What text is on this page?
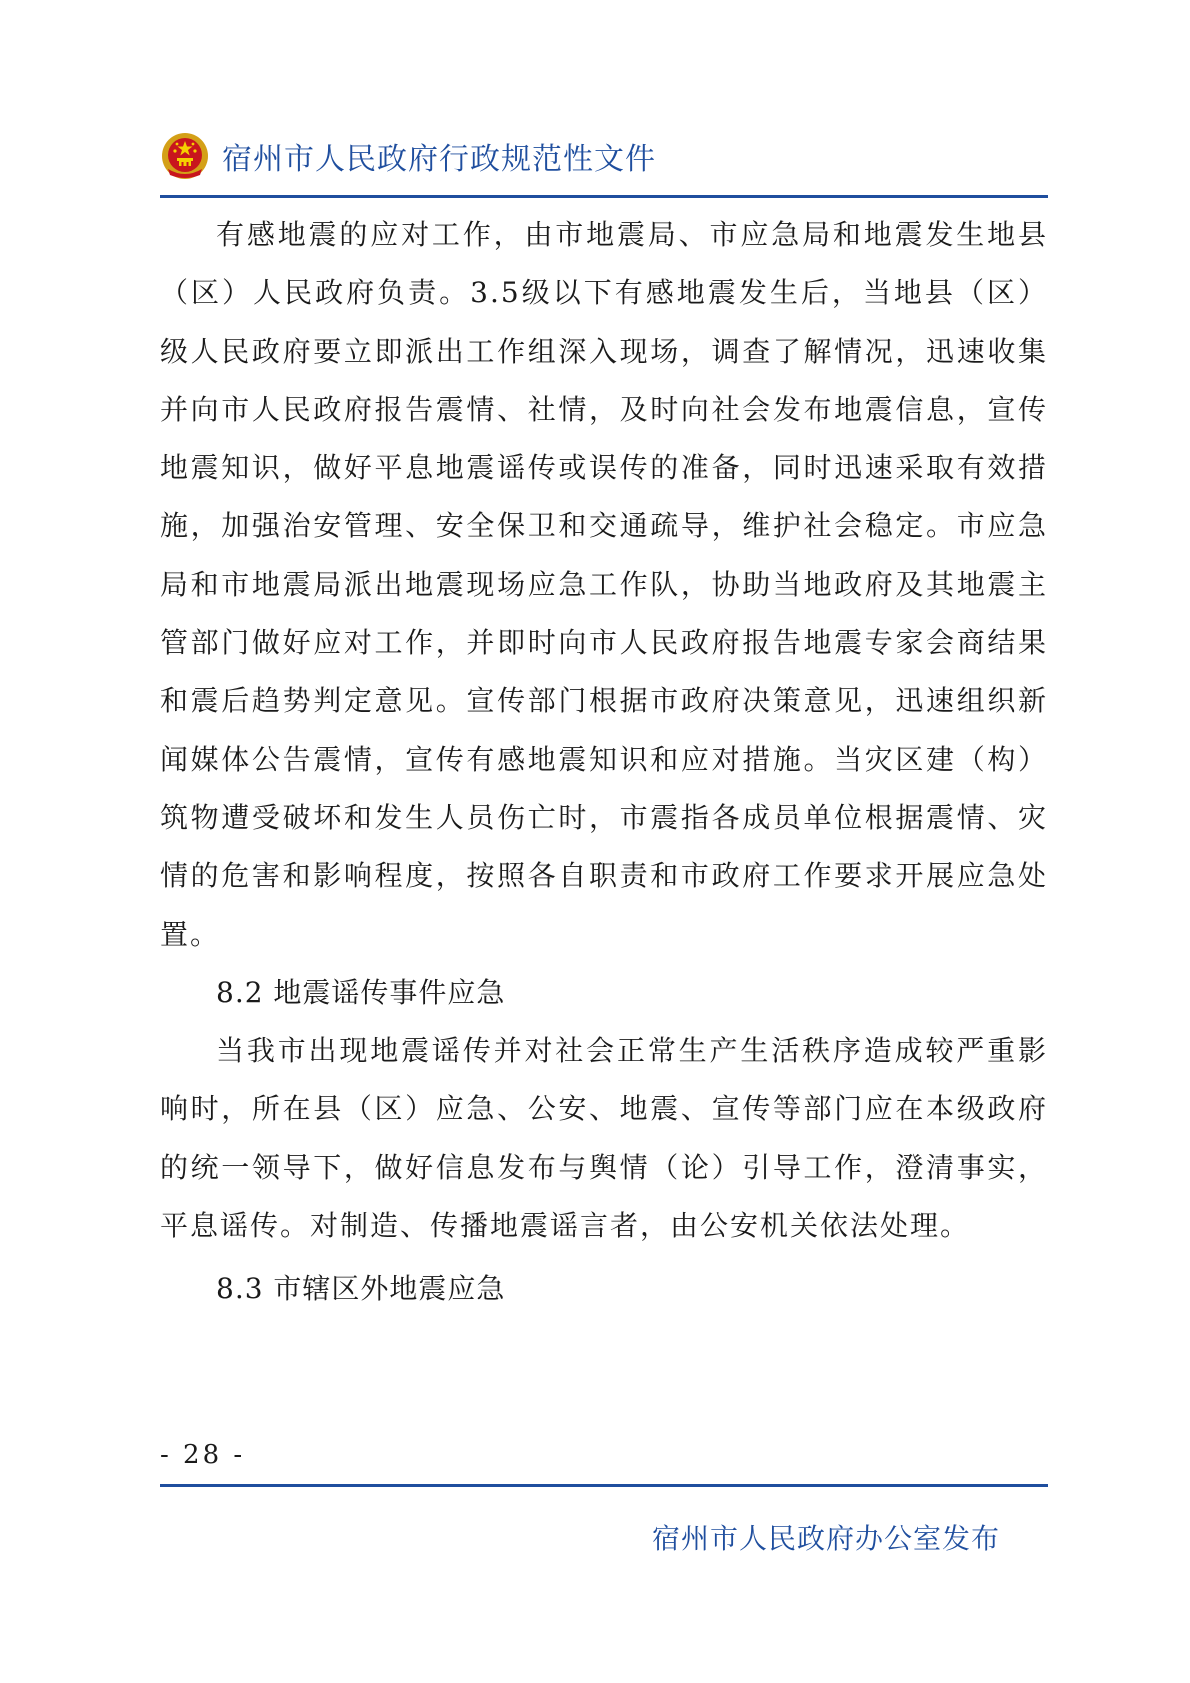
宿州市人民政府行政规范性文件

有感地震的应对工作，由市地震局、市应急局和地震发生地县（区）人民政府负责。3.5级以下有感地震发生后，当地县（区）级人民政府要立即派出工作组深入现场，调查了解情况，迅速收集并向市人民政府报告震情、社情，及时向社会发布地震信息，宣传地震知识，做好平息地震谣传或误传的准备，同时迅速采取有效措施，加强治安管理、安全保卫和交通疏导，维护社会稳定。市应急局和市地震局派出地震现场应急工作队，协助当地政府及其地震主管部门做好应对工作，并即时向市人民政府报告地震专家会商结果和震后趋势判定意见。宣传部门根据市政府决策意见，迅速组织新闻媒体公告震情，宣传有感地震知识和应对措施。当灾区建（构）筑物遭受破坏和发生人员伤亡时，市震指各成员单位根据震情、灾情的危害和影响程度，按照各自职责和市政府工作要求开展应急处置。

8.2 地震谣传事件应急

当我市出现地震谣传并对社会正常生产生活秩序造成较严重影响时，所在县（区）应急、公安、地震、宣传等部门应在本级政府的统一领导下，做好信息发布与舆情（论）引导工作，澄清事实，平息谣传。对制造、传播地震谣言者，由公安机关依法处理。

8.3 市辖区外地震应急

- 28 -
宿州市人民政府办公室发布
